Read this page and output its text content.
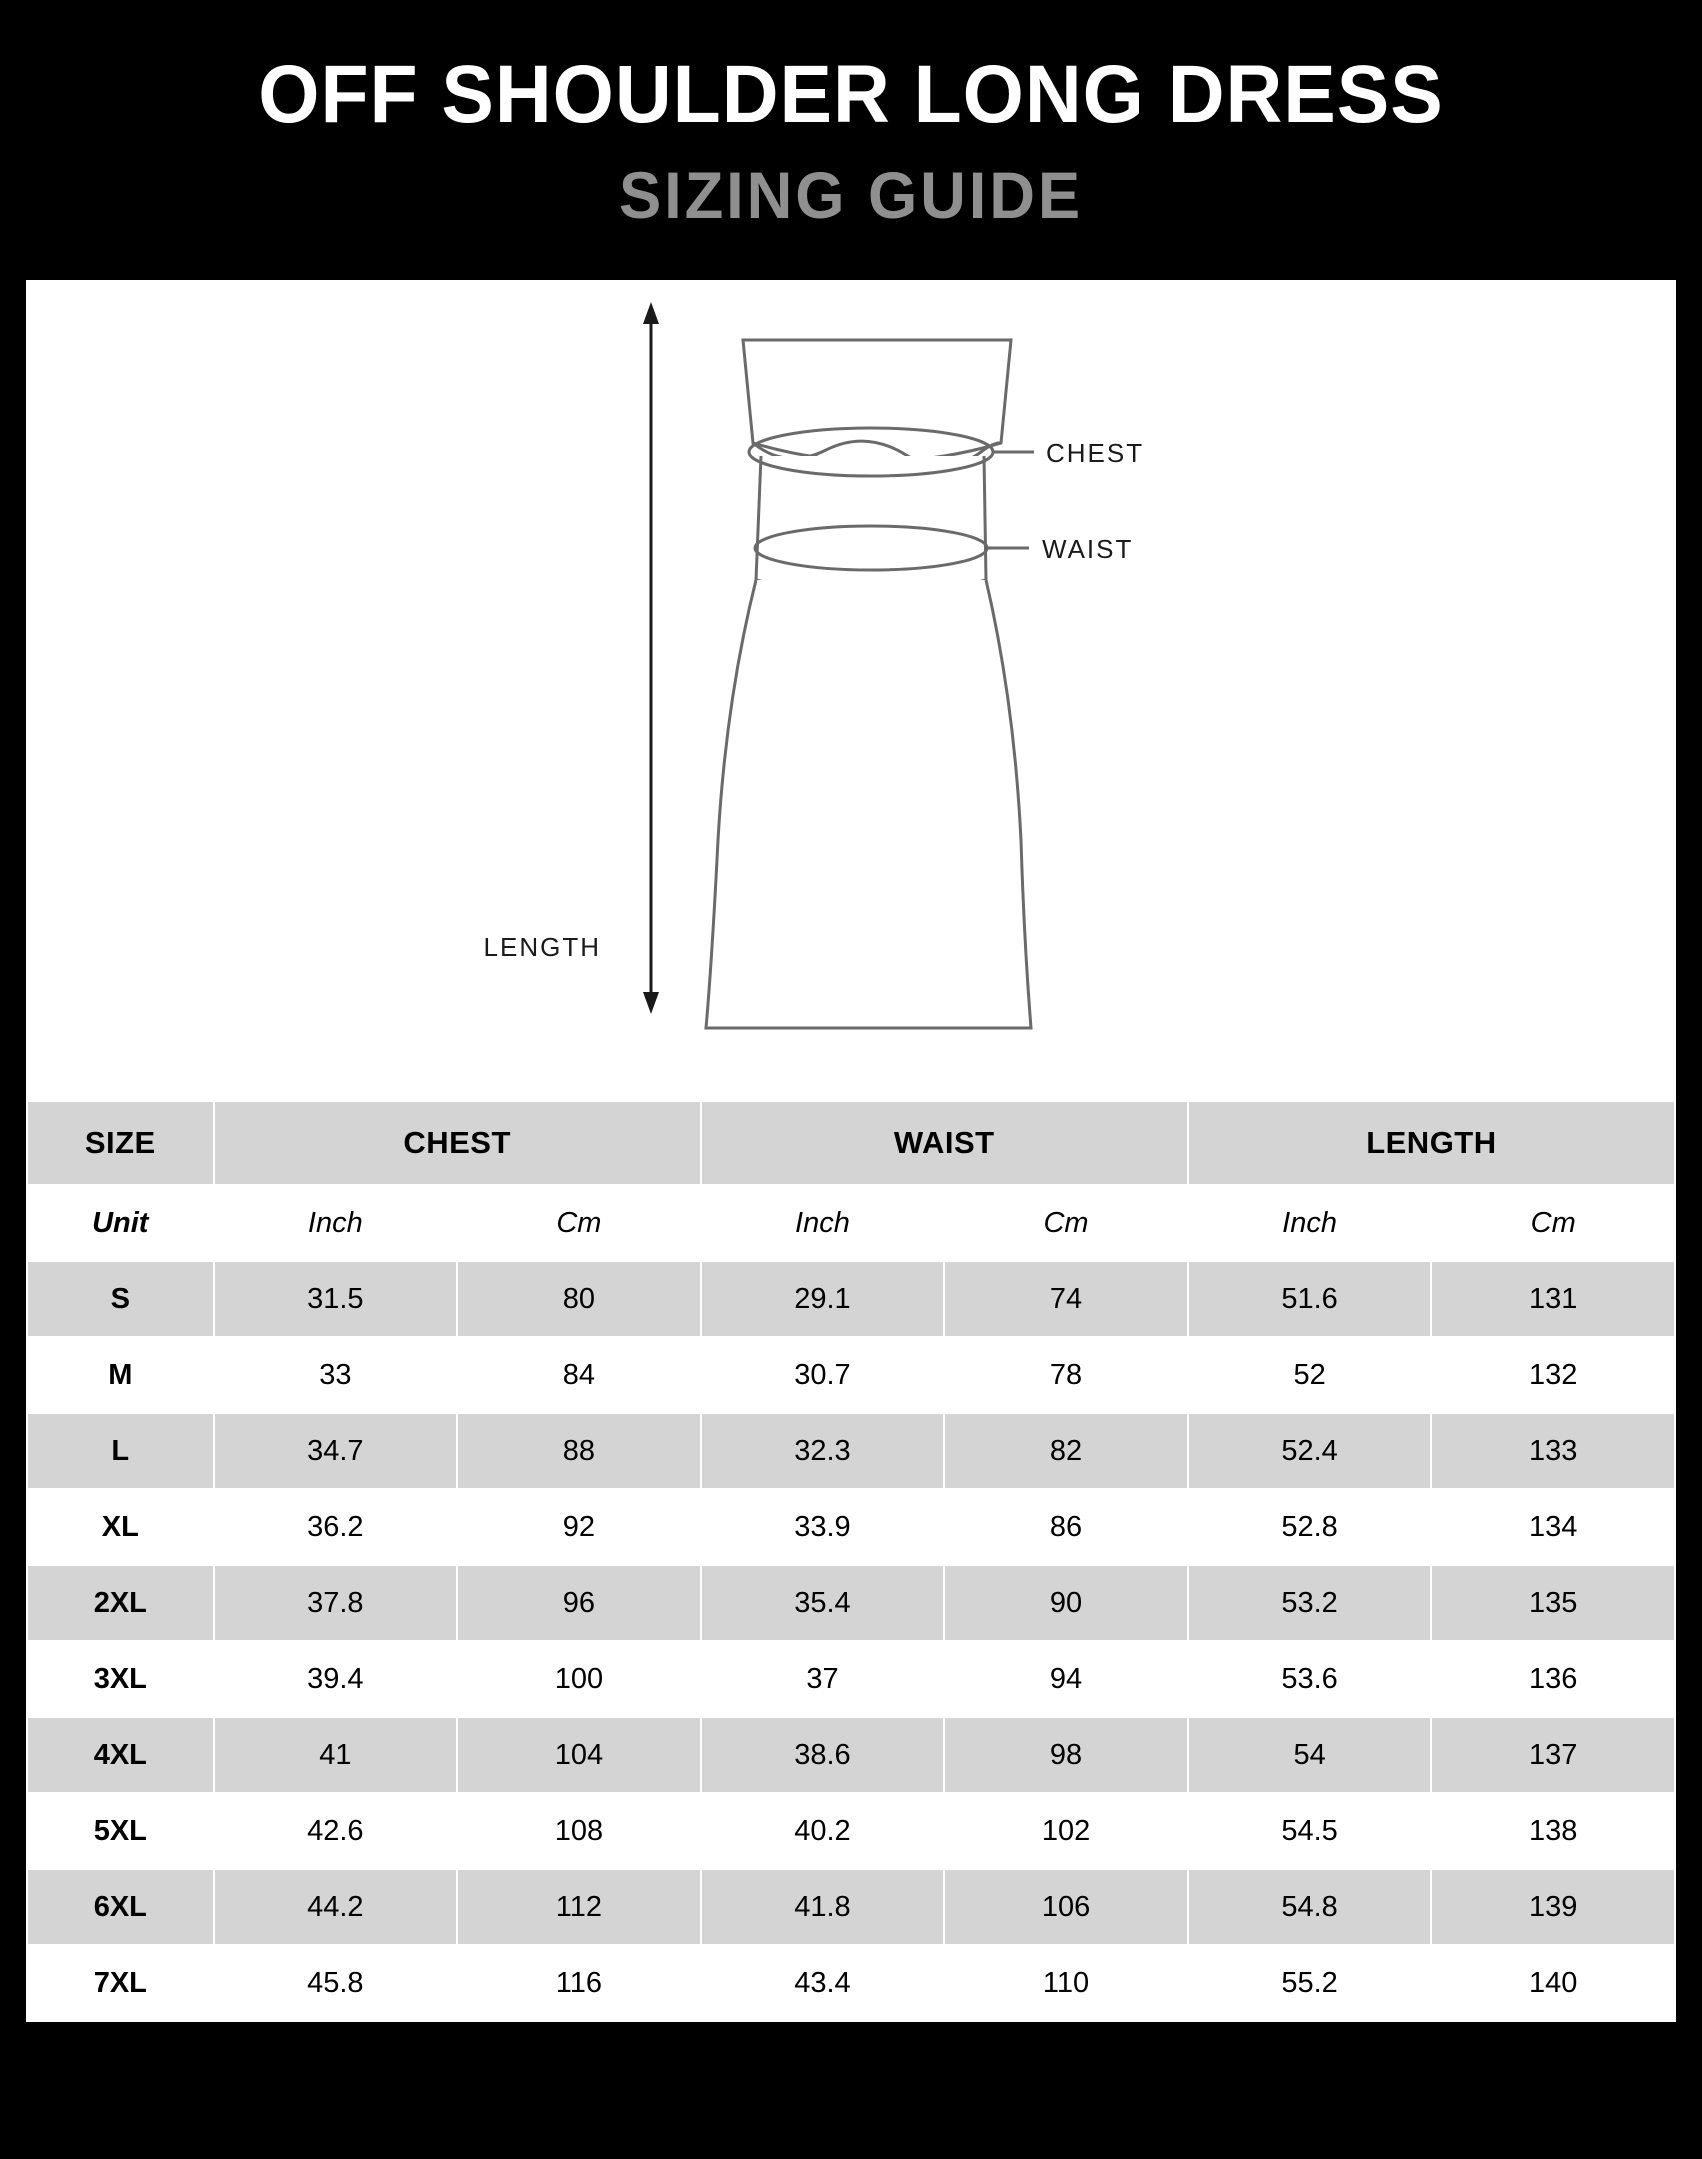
OFF SHOULDER LONG DRESS
SIZING GUIDE
LENGTH
CHEST
WAIST
SIZE	CHEST		WAIST		LENGTH	
Unit	Inch	Cm	Inch	Cm	Inch	Cm
S	31.5	80	29.1	74	51.6	131
M	33	84	30.7	78	52	132
L	34.7	88	32.3	82	52.4	133
XL	36.2	92	33.9	86	52.8	134
2XL	37.8	96	35.4	90	53.2	135
3XL	39.4	100	37	94	53.6	136
4XL	41	104	38.6	98	54	137
5XL	42.6	108	40.2	102	54.5	138
6XL	44.2	112	41.8	106	54.8	139
7XL	45.8	116	43.4	110	55.2	140
